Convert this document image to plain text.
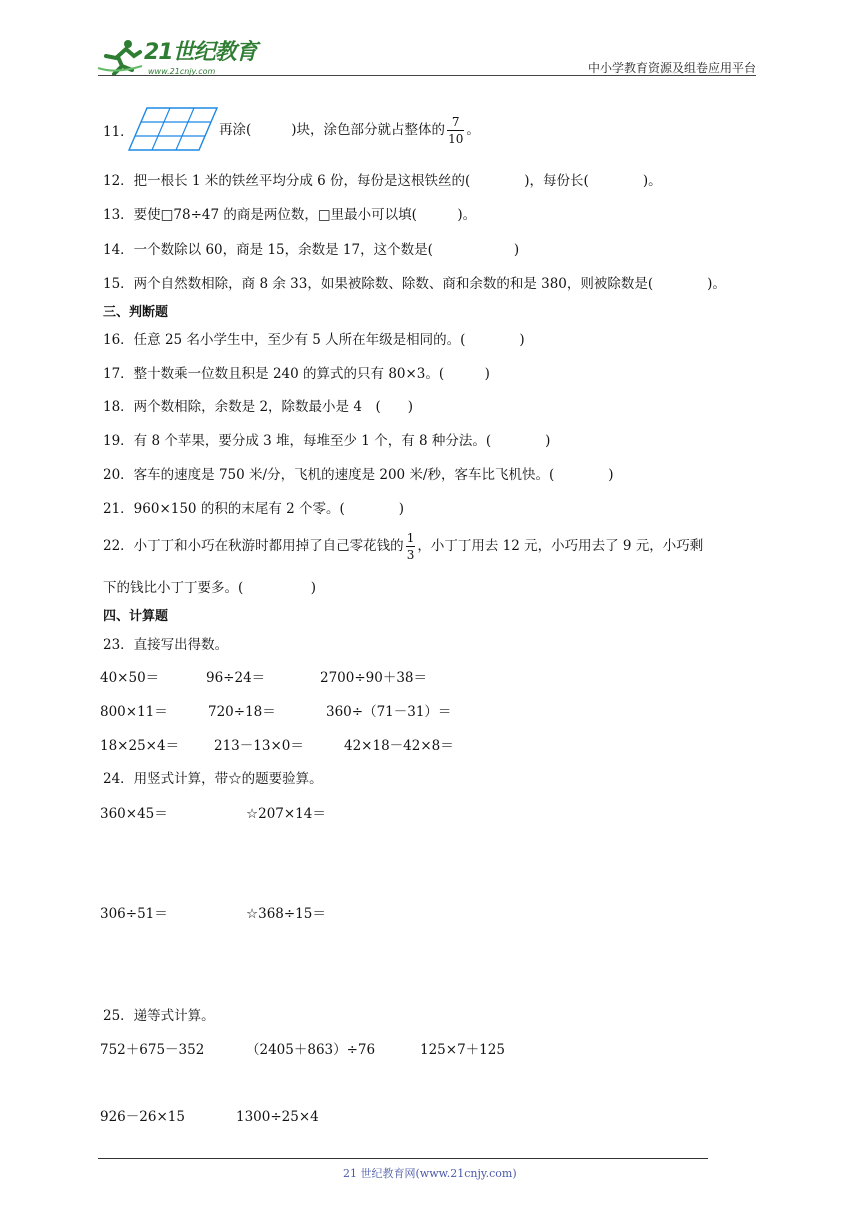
21世纪教育
www.21cnjy.com	中小学教育资源及组卷应用平台
11．	再涂(	)块，涂色部分就占整体的 $\frac{7}{10}$ 。
12．把一根长 1 米的铁丝平均分成 6 份，每份是这根铁丝的(　　　　)，每份长(　　　　)。
13．要使□78÷47 的商是两位数，□里最小可以填(　　　)。
14．一个数除以 60，商是 15，余数是 17，这个数是(　　　　　　)
15．两个自然数相除，商 8 余 33，如果被除数、除数、商和余数的和是 380，则被除数是(　　　　)。
三、判断题
16．任意 25 名小学生中，至少有 5 人所在年级是相同的。(　　　　)
17．整十数乘一位数且积是 240 的算式的只有 80×3。(　　　)
18．两个数相除，余数是 2，除数最小是 4　(　　)
19．有 8 个苹果，要分成 3 堆，每堆至少 1 个，有 8 种分法。(　　　　)
20．客车的速度是 750 米/分，飞机的速度是 200 米/秒，客车比飞机快。(　　　　)
21．960×150 的积的末尾有 2 个零。(　　　　)
22．小丁丁和小巧在秋游时都用掉了自己零花钱的 $\frac{1}{3}$ ，小丁丁用去 12 元，小巧用去了 9 元，小巧剩
下的钱比小丁丁要多。(　　　　　)
四、计算题
23．直接写出得数。
40×50＝	96÷24＝	2700÷90＋38＝
800×11＝	720÷18＝	360÷（71－31）＝
18×25×4＝	213－13×0＝	42×18－42×8＝
24．用竖式计算，带☆的题要验算。
360×45＝	☆207×14＝
306÷51＝	☆368÷15＝
25．递等式计算。
752＋675－352	（2405＋863）÷76	125×7＋125
926－26×15	1300÷25×4
21 世纪教育网(www.21cnjy.com)
